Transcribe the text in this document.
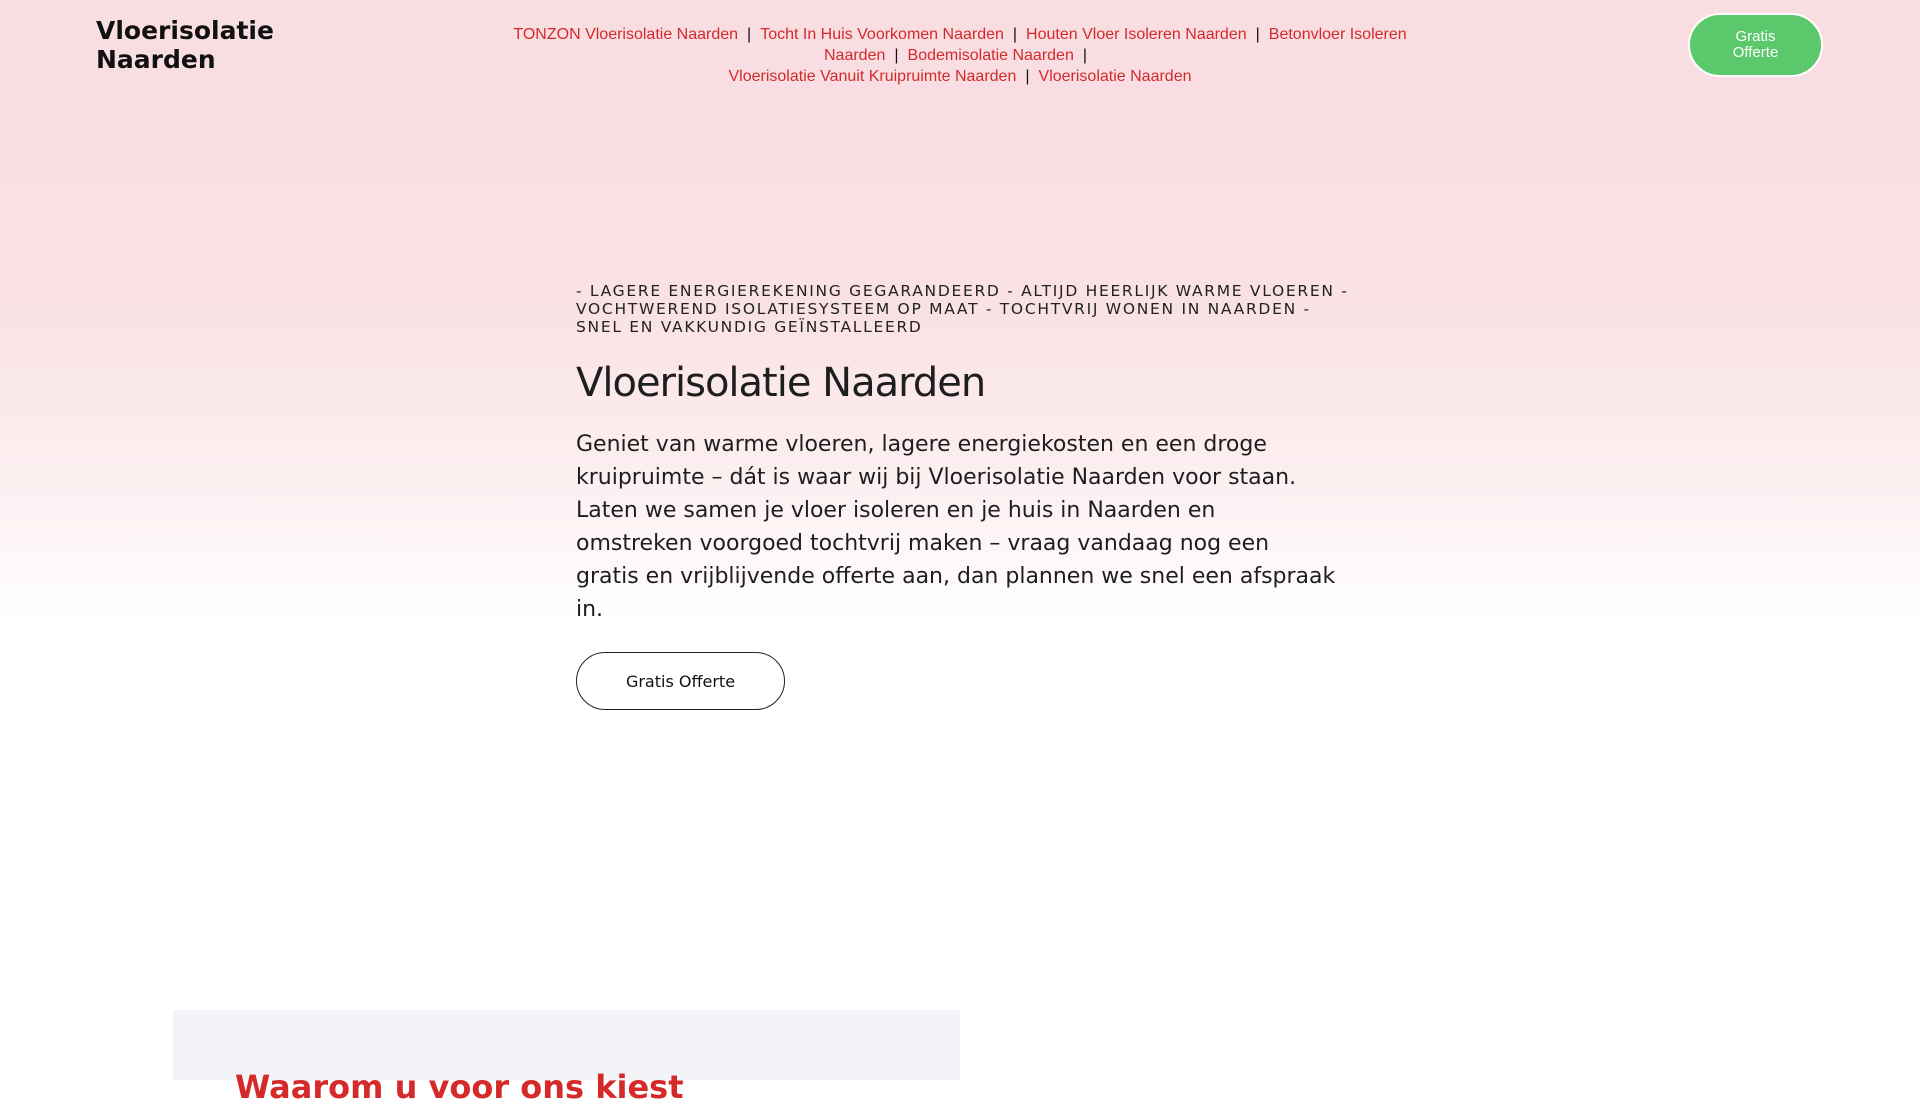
Vloerisolatie Naarden
TONZON Vloerisolatie Naarden | Tocht In Huis Voorkomen Naarden | Houten Vloer Isoleren Naarden | Betonvloer Isoleren Naarden | Bodemisolatie Naarden |
Vloerisolatie Vanuit Kruipruimte Naarden | Vloerisolatie Naarden
Gratis Offerte

- LAGERE ENERGIEREKENING GEGARANDEERD - ALTIJD HEERLIJK WARME VLOEREN - VOCHTWEREND ISOLATIESYSTEEM OP MAAT - TOCHTVRIJ WONEN IN NAARDEN - SNEL EN VAKKUNDIG GEÏNSTALLEERD

Vloerisolatie Naarden

Geniet van warme vloeren, lagere energiekosten en een droge kruipruimte – dát is waar wij bij Vloerisolatie Naarden voor staan. Laten we samen je vloer isoleren en je huis in Naarden en omstreken voorgoed tochtvrij maken – vraag vandaag nog een gratis en vrijblijvende offerte aan, dan plannen we snel een afspraak in.

Gratis Offerte
Waarom u voor ons kiest
